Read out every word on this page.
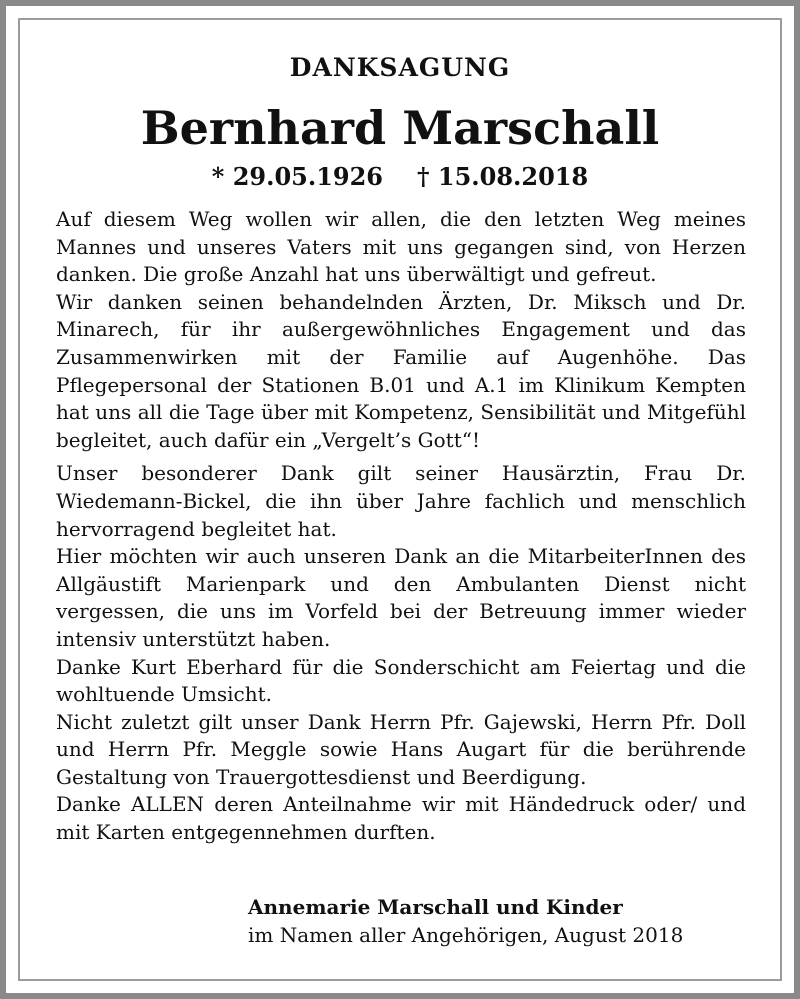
DANKSAGUNG
Bernhard Marschall
* 29.05.1926 † 15.08.2018

Auf diesem Weg wollen wir allen, die den letzten Weg meines Mannes und unseres Vaters mit uns gegangen sind, von Herzen danken. Die große Anzahl hat uns überwältigt und gefreut.

Wir danken seinen behandelnden Ärzten, Dr. Miksch und Dr. Minarech, für ihr außergewöhnliches Engagement und das Zusammenwirken mit der Familie auf Augenhöhe. Das Pflegepersonal der Stationen B.01 und A.1 im Klinikum Kempten hat uns all die Tage über mit Kompetenz, Sensibilität und Mitgefühl begleitet, auch dafür ein „Vergelt’s Gott“!

Unser besonderer Dank gilt seiner Hausärztin, Frau Dr. Wiedemann-Bickel, die ihn über Jahre fachlich und menschlich hervorragend begleitet hat.

Hier möchten wir auch unseren Dank an die MitarbeiterInnen des Allgäustift Marienpark und den Ambulanten Dienst nicht vergessen, die uns im Vorfeld bei der Betreuung immer wieder intensiv unterstützt haben.

Danke Kurt Eberhard für die Sonderschicht am Feiertag und die wohltuende Umsicht.

Nicht zuletzt gilt unser Dank Herrn Pfr. Gajewski, Herrn Pfr. Doll und Herrn Pfr. Meggle sowie Hans Augart für die berührende Gestaltung von Trauergottesdienst und Beerdigung.

Danke ALLEN deren Anteilnahme wir mit Händedruck oder/ und mit Karten entgegennehmen durften.

Annemarie Marschall und Kinder
im Namen aller Angehörigen, August 2018
